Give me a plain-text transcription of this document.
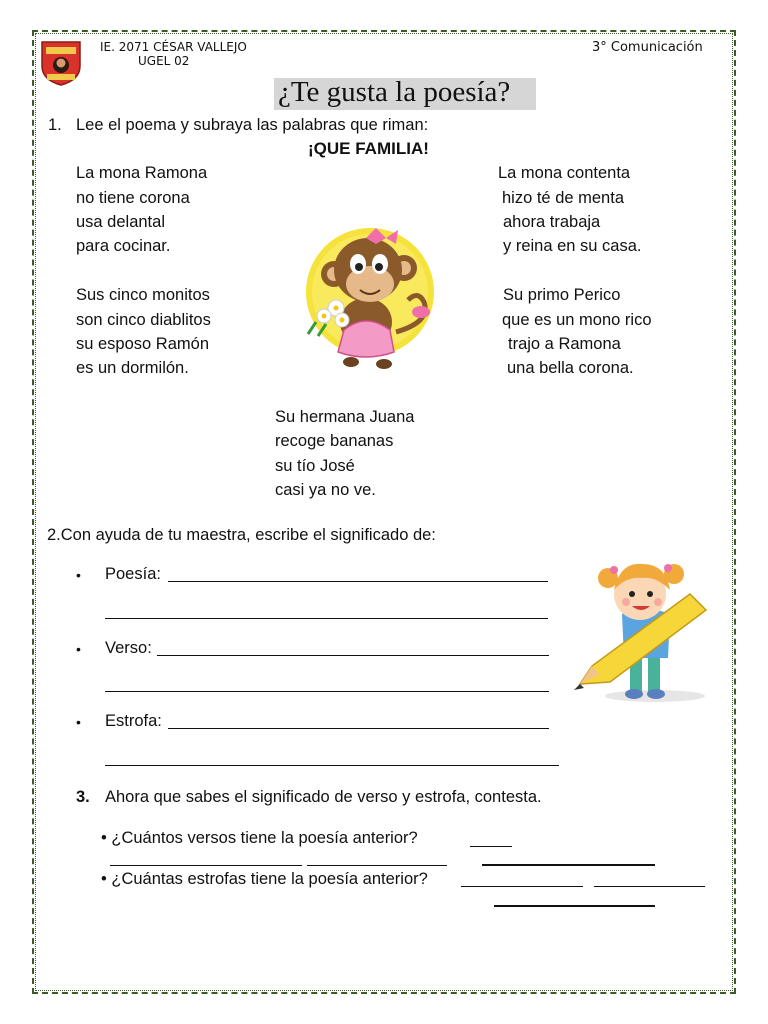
IE. 2071 CÉSAR VALLEJO
UGEL 02
3° Comunicación
¿Te gusta la poesía?
1. Lee el poema y subraya las palabras que riman:
¡QUE FAMILIA!
La mona Ramona
no tiene corona
usa delantal
para cocinar.
Sus cinco monitos
son cinco diablitos
su esposo Ramón
es un dormilón.
La mona contenta
hizo té de menta
ahora trabaja
y reina en su casa.
Su primo Perico
que es un mono rico
trajo a Ramona
una bella corona.
Su hermana Juana
recoge bananas
su tío José
casi ya no ve.
2.Con ayuda de tu maestra, escribe el significado de:
• Poesía:
• Verso:
• Estrofa:
3. Ahora que sabes el significado de verso y estrofa, contesta.
• ¿Cuántos versos tiene la poesía anterior?
• ¿Cuántas estrofas tiene la poesía anterior?
